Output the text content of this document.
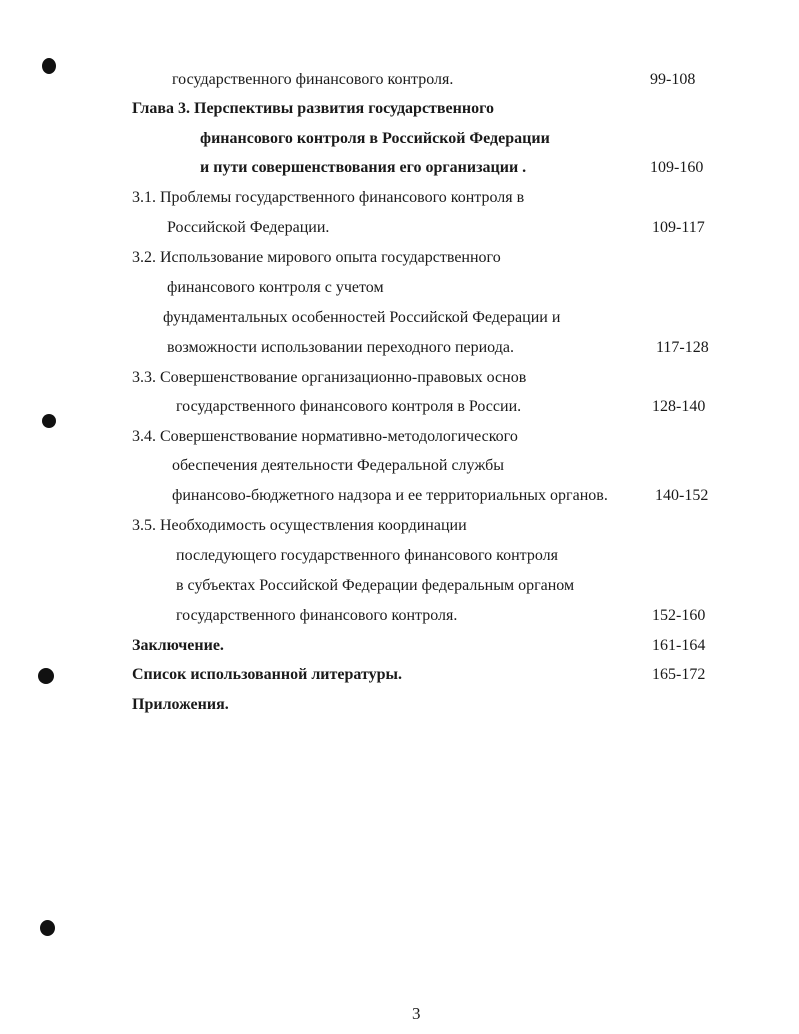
государственного финансового контроля.	99-108
Глава 3. Перспективы развития государственного
финансового контроля в Российской Федерации
и пути совершенствования его организации .	109-160
3.1. Проблемы государственного финансового контроля в
Российской Федерации.	109-117
3.2. Использование мирового опыта государственного
финансового контроля с учетом
фундаментальных особенностей Российской Федерации и
возможности использовании переходного периода.	117-128
3.3. Совершенствование организационно-правовых основ
государственного финансового контроля в России.	128-140
3.4. Совершенствование нормативно-методологического
обеспечения деятельности Федеральной службы
финансово-бюджетного надзора и ее территориальных органов.	140-152
3.5. Необходимость осуществления координации
последующего государственного финансового контроля
в субъектах Российской Федерации федеральным органом
государственного финансового контроля.	152-160
Заключение.	161-164
Список использованной литературы.	165-172
Приложения.
3
